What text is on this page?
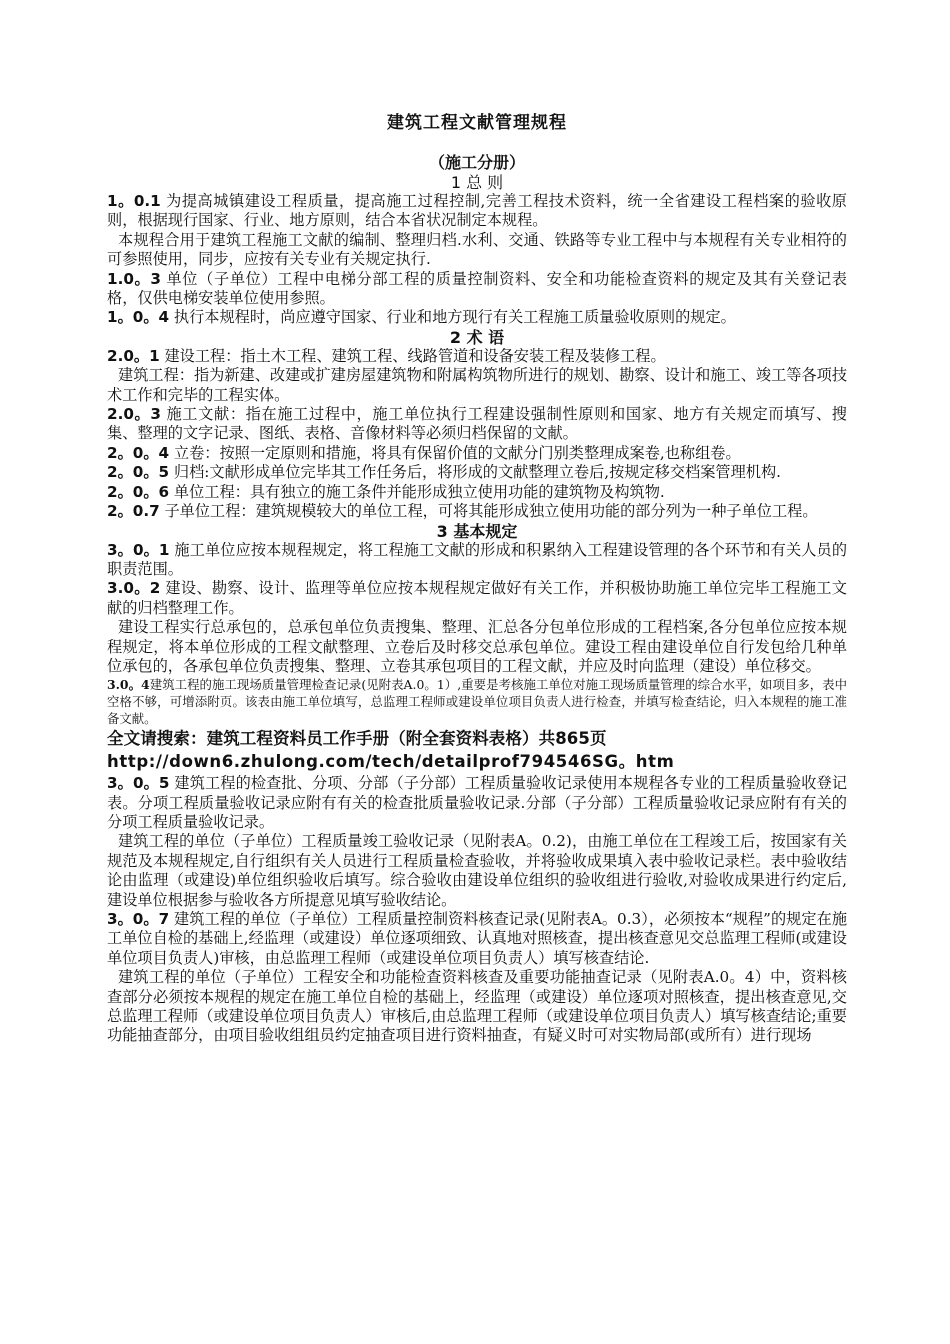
建筑工程文献管理规程
（施工分册）
1 总 则

1。0.1 为提高城镇建设工程质量，提高施工过程控制,完善工程技术资料，统一全省建设工程档案的验收原则，根据现行国家、行业、地方原则，结合本省状况制定本规程。

本规程合用于建筑工程施工文献的编制、整理归档.水利、交通、铁路等专业工程中与本规程有关专业相符的可参照使用，同步，应按有关专业有关规定执行.

1.0。3 单位（子单位）工程中电梯分部工程的质量控制资料、安全和功能检查资料的规定及其有关登记表格，仅供电梯安装单位使用参照。

1。0。4 执行本规程时，尚应遵守国家、行业和地方现行有关工程施工质量验收原则的规定。

2 术 语

2.0。1 建设工程：指土木工程、建筑工程、线路管道和设备安装工程及装修工程。

建筑工程：指为新建、改建或扩建房屋建筑物和附属构筑物所进行的规划、勘察、设计和施工、竣工等各项技术工作和完毕的工程实体。

2.0。3 施工文献：指在施工过程中，施工单位执行工程建设强制性原则和国家、地方有关规定而填写、搜集、整理的文字记录、图纸、表格、音像材料等必须归档保留的文献。

2。0。4 立卷：按照一定原则和措施，将具有保留价值的文献分门别类整理成案卷,也称组卷。

2。0。5 归档:文献形成单位完毕其工作任务后，将形成的文献整理立卷后,按规定移交档案管理机构.

2。0。6 单位工程：具有独立的施工条件并能形成独立使用功能的建筑物及构筑物.

2。0.7 子单位工程：建筑规模较大的单位工程，可将其能形成独立使用功能的部分列为一种子单位工程。

3 基本规定

3。0。1 施工单位应按本规程规定，将工程施工文献的形成和积累纳入工程建设管理的各个环节和有关人员的职责范围。

3.0。2 建设、勘察、设计、监理等单位应按本规程规定做好有关工作，并积极协助施工单位完毕工程施工文献的归档整理工作。

建设工程实行总承包的，总承包单位负责搜集、整理、汇总各分包单位形成的工程档案,各分包单位应按本规程规定，将本单位形成的工程文献整理、立卷后及时移交总承包单位。建设工程由建设单位自行发包给几种单位承包的，各承包单位负责搜集、整理、立卷其承包项目的工程文献，并应及时向监理（建设）单位移交。

3.0。4建筑工程的施工现场质量管理检查记录(见附表A.0。1）,重要是考核施工单位对施工现场质量管理的综合水平，如项目多，表中空格不够，可增添附页。该表由施工单位填写，总监理工程师或建设单位项目负责人进行检查，并填写检查结论，归入本规程的施工准备文献。

全文请搜索：建筑工程资料员工作手册（附全套资料表格）共865页
http://down6.zhulong.com/tech/detailprof794546SG。htm

3。0。5 建筑工程的检查批、分项、分部（子分部）工程质量验收记录使用本规程各专业的工程质量验收登记表。分项工程质量验收记录应附有有关的检查批质量验收记录.分部（子分部）工程质量验收记录应附有有关的分项工程质量验收记录。

建筑工程的单位（子单位）工程质量竣工验收记录（见附表A。0.2)，由施工单位在工程竣工后，按国家有关规范及本规程规定,自行组织有关人员进行工程质量检查验收，并将验收成果填入表中验收记录栏。表中验收结论由监理（或建设)单位组织验收后填写。综合验收由建设单位组织的验收组进行验收,对验收成果进行约定后,建设单位根据参与验收各方所提意见填写验收结论。

3。0。7 建筑工程的单位（子单位）工程质量控制资料核查记录(见附表A。0.3），必须按本“规程”的规定在施工单位自检的基础上,经监理（或建设）单位逐项细致、认真地对照核查，提出核查意见交总监理工程师(或建设单位项目负责人)审核，由总监理工程师（或建设单位项目负责人）填写核查结论.

建筑工程的单位（子单位）工程安全和功能检查资料核查及重要功能抽查记录（见附表A.0。4）中，资料核查部分必须按本规程的规定在施工单位自检的基础上，经监理（或建设）单位逐项对照核查，提出核查意见,交总监理工程师（或建设单位项目负责人）审核后,由总监理工程师（或建设单位项目负责人）填写核查结论;重要功能抽查部分，由项目验收组组员约定抽查项目进行资料抽查，有疑义时可对实物局部(或所有）进行现场
